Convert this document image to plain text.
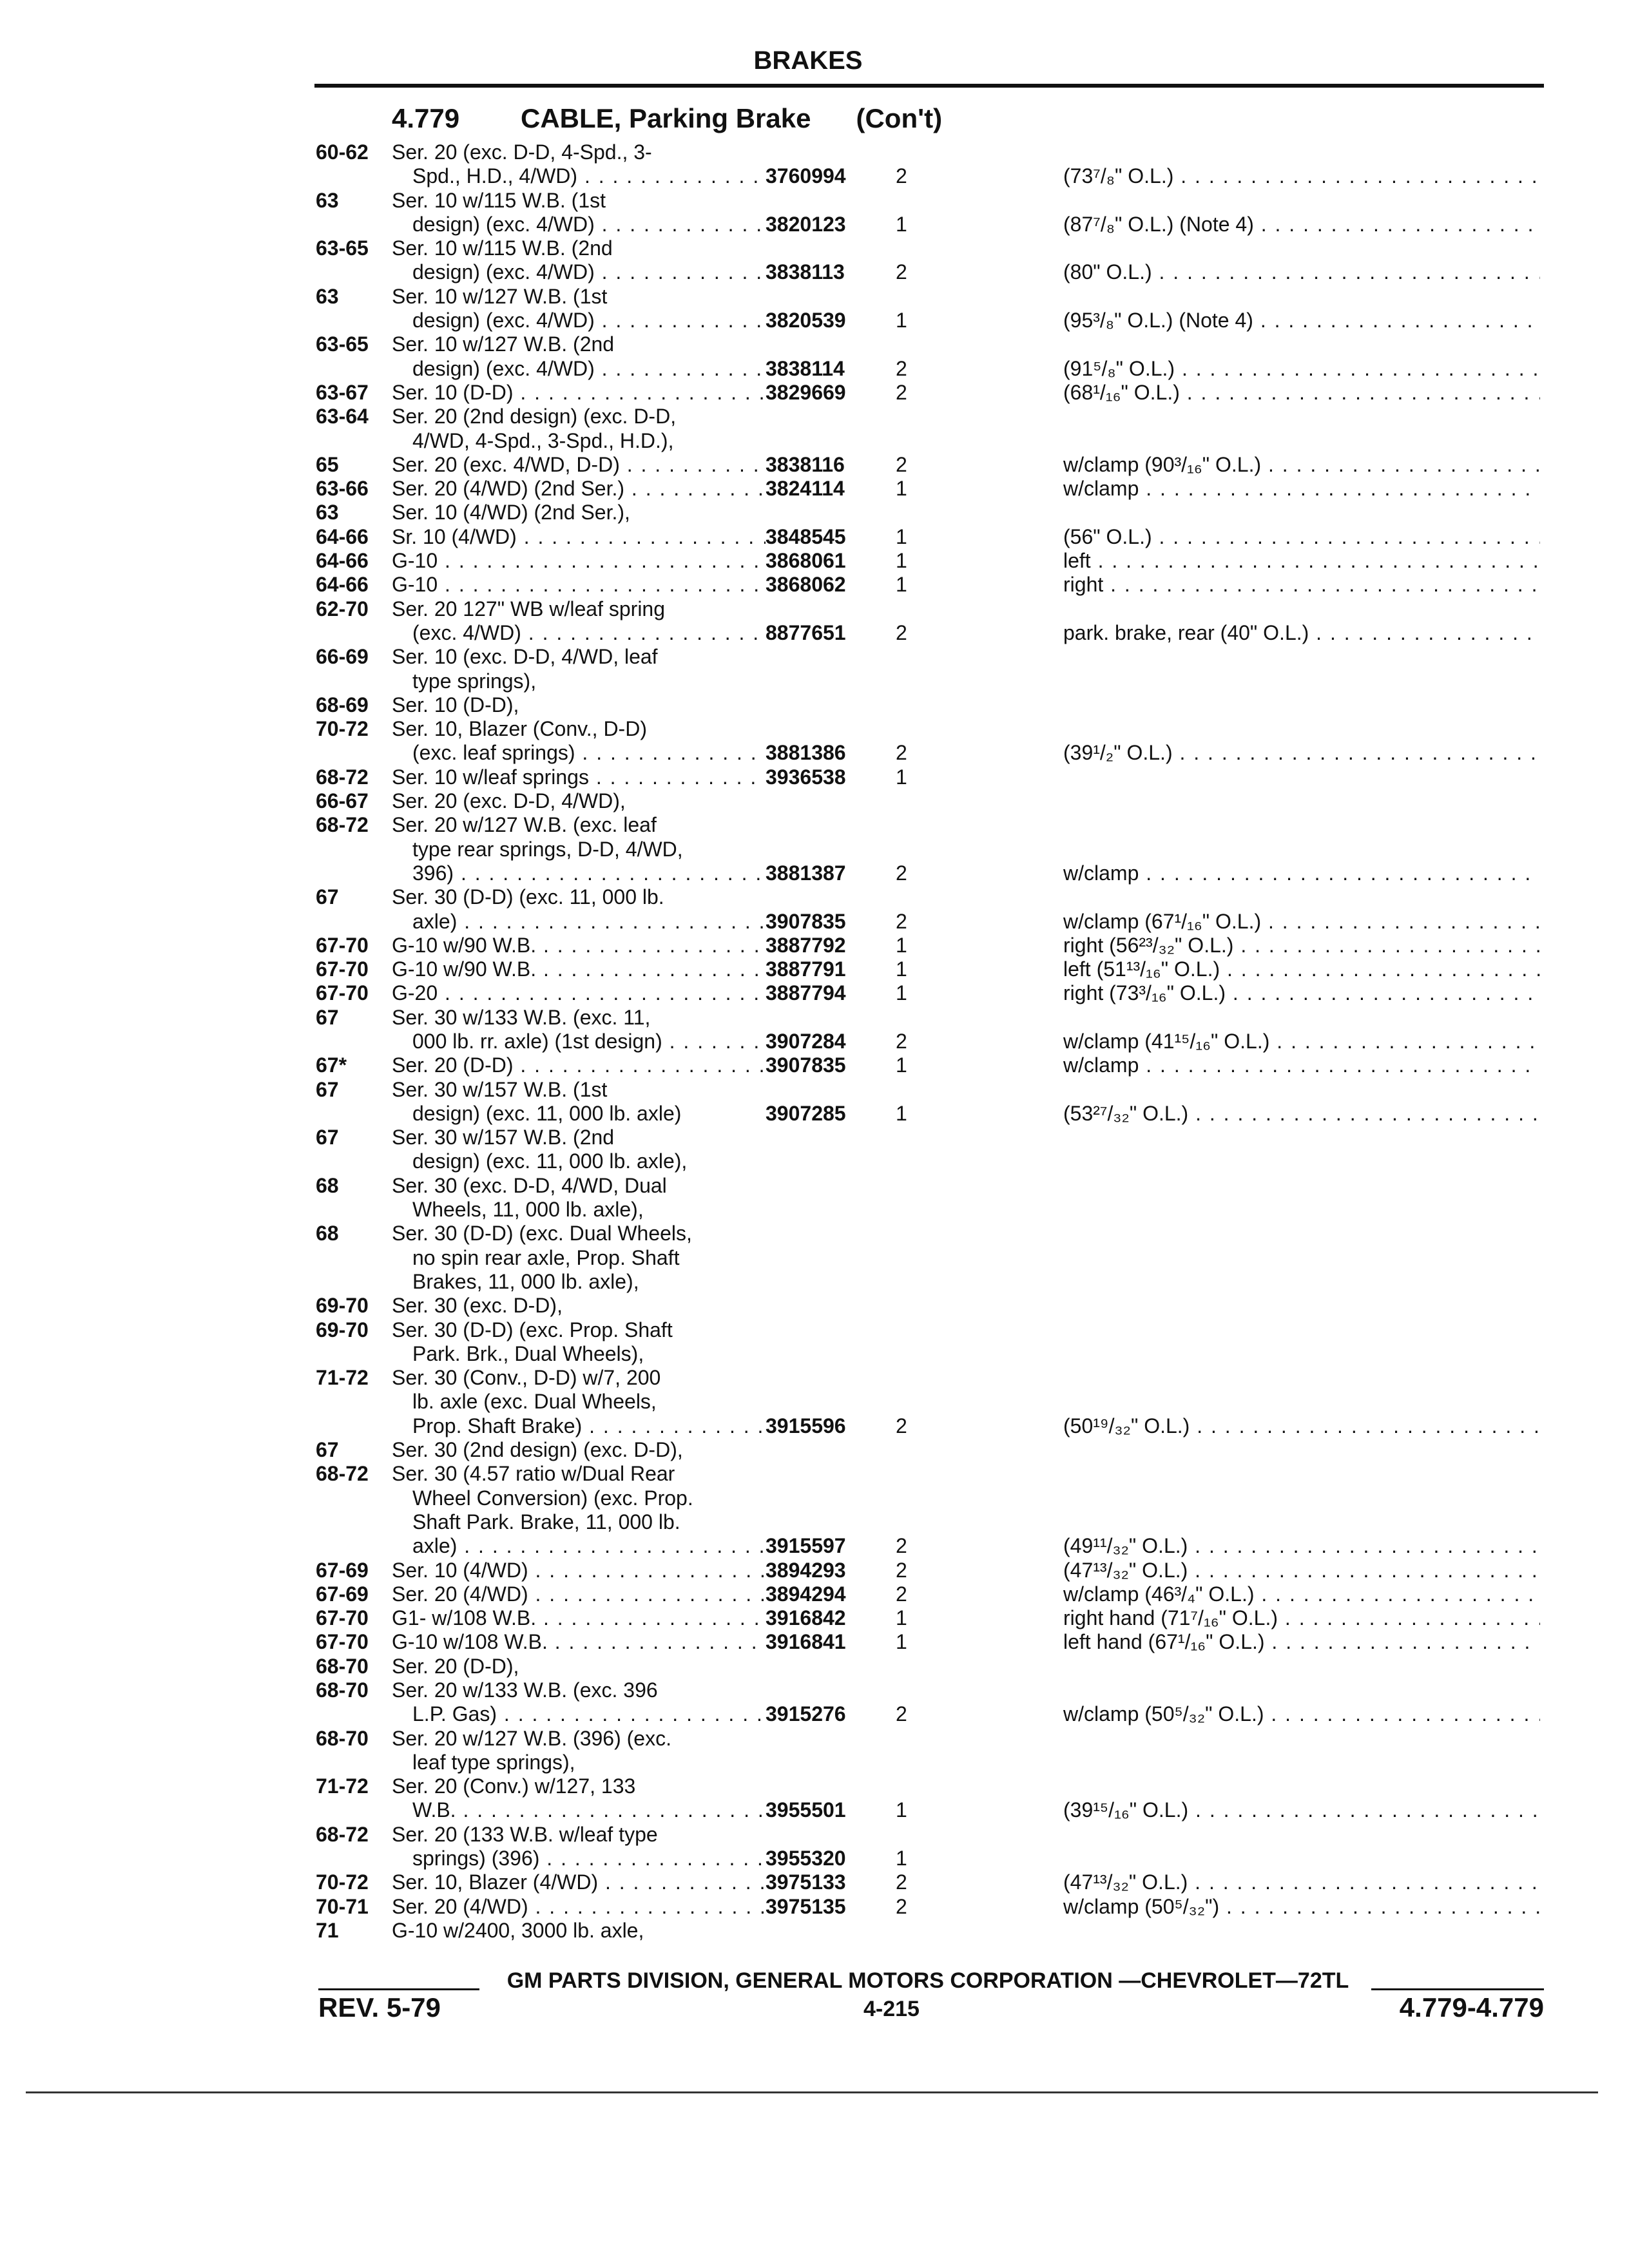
BRAKES
4.779 CABLE, Parking Brake (Con't)
60-62	Ser. 20 (exc. D-D, 4-Spd., 3-
Spd., H.D., 4/WD) . . .	3760994	2	(73⁷/₈" O.L.) . . .
63	Ser. 10 w/115 W.B. (1st
design) (exc. 4/WD) . . .	3820123	1	(87⁷/₈" O.L.) (Note 4) . . .
63-65	Ser. 10 w/115 W.B. (2nd
design) (exc. 4/WD) . . .	3838113	2	(80" O.L.) . . .
63	Ser. 10 w/127 W.B. (1st
design) (exc. 4/WD) . . .	3820539	1	(95³/₈" O.L.) (Note 4) . . .
63-65	Ser. 10 w/127 W.B. (2nd
design) (exc. 4/WD) . . .	3838114	2	(91⁵/₈" O.L.) . . .
63-67	Ser. 10 (D-D) . . .	3829669	2	(68¹/₁₆" O.L.) . . .
63-64	Ser. 20 (2nd design) (exc. D-D,
4/WD, 4-Spd., 3-Spd., H.D.),
65	Ser. 20 (exc. 4/WD, D-D) . . .	3838116	2	w/clamp (90³/₁₆" O.L.) . . .
63-66	Ser. 20 (4/WD) (2nd Ser.) . . .	3824114	1	w/clamp . . .
63	Ser. 10 (4/WD) (2nd Ser.),
64-66	Sr. 10 (4/WD) . . .	3848545	1	(56" O.L.) . . .
64-66	G-10 . . .	3868061	1	left . . .
64-66	G-10 . . .	3868062	1	right . . .
62-70	Ser. 20 127" WB w/leaf spring
(exc. 4/WD) . . .	8877651	2	park. brake, rear (40" O.L.) . . .
66-69	Ser. 10 (exc. D-D, 4/WD, leaf
type springs),
68-69	Ser. 10 (D-D),
70-72	Ser. 10, Blazer (Conv., D-D)
(exc. leaf springs) . . .	3881386	2	(39¹/₂" O.L.) . . .
68-72	Ser. 10 w/leaf springs . . .	3936538	1
66-67	Ser. 20 (exc. D-D, 4/WD),
68-72	Ser. 20 w/127 W.B. (exc. leaf
type rear springs, D-D, 4/WD,
396) . . .	3881387	2	w/clamp . . .
67	Ser. 30 (D-D) (exc. 11, 000 lb.
axle) . . .	3907835	2	w/clamp (67¹/₁₆" O.L.) . . .
67-70	G-10 w/90 W.B. . . .	3887792	1	right (56²³/₃₂" O.L.) . . .
67-70	G-10 w/90 W.B. . . .	3887791	1	left (51¹³/₁₆" O.L.) . . .
67-70	G-20 . . .	3887794	1	right (73³/₁₆" O.L.) . . .
67	Ser. 30 w/133 W.B. (exc. 11,
000 lb. rr. axle) (1st design) . . .	3907284	2	w/clamp (41¹⁵/₁₆" O.L.) . . .
67*	Ser. 20 (D-D) . . .	3907835	1	w/clamp . . .
67	Ser. 30 w/157 W.B. (1st
design) (exc. 11, 000 lb. axle)	3907285	1	(53²⁷/₃₂" O.L.) . . .
67	Ser. 30 w/157 W.B. (2nd
design) (exc. 11, 000 lb. axle),
68	Ser. 30 (exc. D-D, 4/WD, Dual
Wheels, 11, 000 lb. axle),
68	Ser. 30 (D-D) (exc. Dual Wheels,
no spin rear axle, Prop. Shaft
Brakes, 11, 000 lb. axle),
69-70	Ser. 30 (exc. D-D),
69-70	Ser. 30 (D-D) (exc. Prop. Shaft
Park. Brk., Dual Wheels),
71-72	Ser. 30 (Conv., D-D) w/7, 200
lb. axle (exc. Dual Wheels,
Prop. Shaft Brake) . . .	3915596	2	(50¹⁹/₃₂" O.L.) . . .
67	Ser. 30 (2nd design) (exc. D-D),
68-72	Ser. 30 (4.57 ratio w/Dual Rear
Wheel Conversion) (exc. Prop.
Shaft Park. Brake, 11, 000 lb.
axle) . . .	3915597	2	(49¹¹/₃₂" O.L.) . . .
67-69	Ser. 10 (4/WD) . . .	3894293	2	(47¹³/₃₂" O.L.) . . .
67-69	Ser. 20 (4/WD) . . .	3894294	2	w/clamp (46³/₄" O.L.) . . .
67-70	G1- w/108 W.B. . . .	3916842	1	right hand (71⁷/₁₆" O.L.) . . .
67-70	G-10 w/108 W.B. . . .	3916841	1	left hand (67¹/₁₆" O.L.) . . .
68-70	Ser. 20 (D-D),
68-70	Ser. 20 w/133 W.B. (exc. 396
L.P. Gas) . . .	3915276	2	w/clamp (50⁵/₃₂" O.L.) . . .
68-70	Ser. 20 w/127 W.B. (396) (exc.
leaf type springs),
71-72	Ser. 20 (Conv.) w/127, 133
W.B. . . .	3955501	1	(39¹⁵/₁₆" O.L.) . . .
68-72	Ser. 20 (133 W.B. w/leaf type
springs) (396) . . .	3955320	1
70-72	Ser. 10, Blazer (4/WD) . . .	3975133	2	(47¹³/₃₂" O.L.) . . .
70-71	Ser. 20 (4/WD) . . .	3975135	2	w/clamp (50⁵/₃₂") . . .
71	G-10 w/2400, 3000 lb. axle,
GM PARTS DIVISION, GENERAL MOTORS CORPORATION —CHEVROLET—72TL
REV. 5-79	4-215	4.779-4.779
